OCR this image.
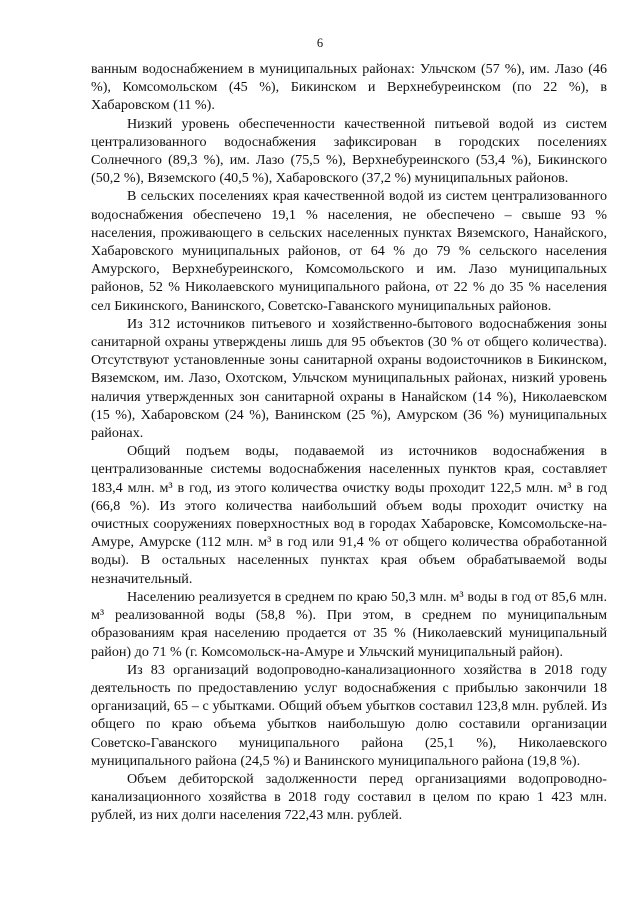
6

ванным водоснабжением в муниципальных районах: Ульчском (57 %), им. Лазо (46 %), Комсомольском (45 %), Бикинском и Верхнебуреинском (по 22 %), в Хабаровском (11 %).

Низкий уровень обеспеченности качественной питьевой водой из систем централизованного водоснабжения зафиксирован в городских поселениях Солнечного (89,3 %), им. Лазо (75,5 %), Верхнебуреинского (53,4 %), Бикинского (50,2 %), Вяземского (40,5 %), Хабаровского (37,2 %) муниципальных районов.

В сельских поселениях края качественной водой из систем централизованного водоснабжения обеспечено 19,1 % населения, не обеспечено – свыше 93 % населения, проживающего в сельских населенных пунктах Вяземского, Нанайского, Хабаровского муниципальных районов, от 64 % до 79 % сельского населения Амурского, Верхнебуреинского, Комсомольского и им. Лазо муниципальных районов, 52 % Николаевского муниципального района, от 22 % до 35 % населения сел Бикинского, Ванинского, Советско-Гаванского муниципальных районов.

Из 312 источников питьевого и хозяйственно-бытового водоснабжения зоны санитарной охраны утверждены лишь для 95 объектов (30 % от общего количества). Отсутствуют установленные зоны санитарной охраны водоисточников в Бикинском, Вяземском, им. Лазо, Охотском, Ульчском муниципальных районах, низкий уровень наличия утвержденных зон санитарной охраны в Нанайском (14 %), Николаевском (15 %), Хабаровском (24 %), Ванинском (25 %), Амурском (36 %) муниципальных районах.

Общий подъем воды, подаваемой из источников водоснабжения в централизованные системы водоснабжения населенных пунктов края, составляет 183,4 млн. м³ в год, из этого количества очистку воды проходит 122,5 млн. м³ в год (66,8 %). Из этого количества наибольший объем воды проходит очистку на очистных сооружениях поверхностных вод в городах Хабаровске, Комсомольске-на-Амуре, Амурске (112 млн. м³ в год или 91,4 % от общего количества обработанной воды). В остальных населенных пунктах края объем обрабатываемой воды незначительный.

Населению реализуется в среднем по краю 50,3 млн. м³ воды в год от 85,6 млн. м³ реализованной воды (58,8 %). При этом, в среднем по муниципальным образованиям края населению продается от 35 % (Николаевский муниципальный район) до 71 % (г. Комсомольск-на-Амуре и Ульчский муниципальный район).

Из 83 организаций водопроводно-канализационного хозяйства в 2018 году деятельность по предоставлению услуг водоснабжения с прибылью закончили 18 организаций, 65 – с убытками. Общий объем убытков составил 123,8 млн. рублей. Из общего по краю объема убытков наибольшую долю составили организации Советско-Гаванского муниципального района (25,1 %), Николаевского муниципального района (24,5 %) и Ванинского муниципального района (19,8 %).

Объем дебиторской задолженности перед организациями водопроводно-канализационного хозяйства в 2018 году составил в целом по краю 1 423 млн. рублей, из них долги населения 722,43 млн. рублей.
